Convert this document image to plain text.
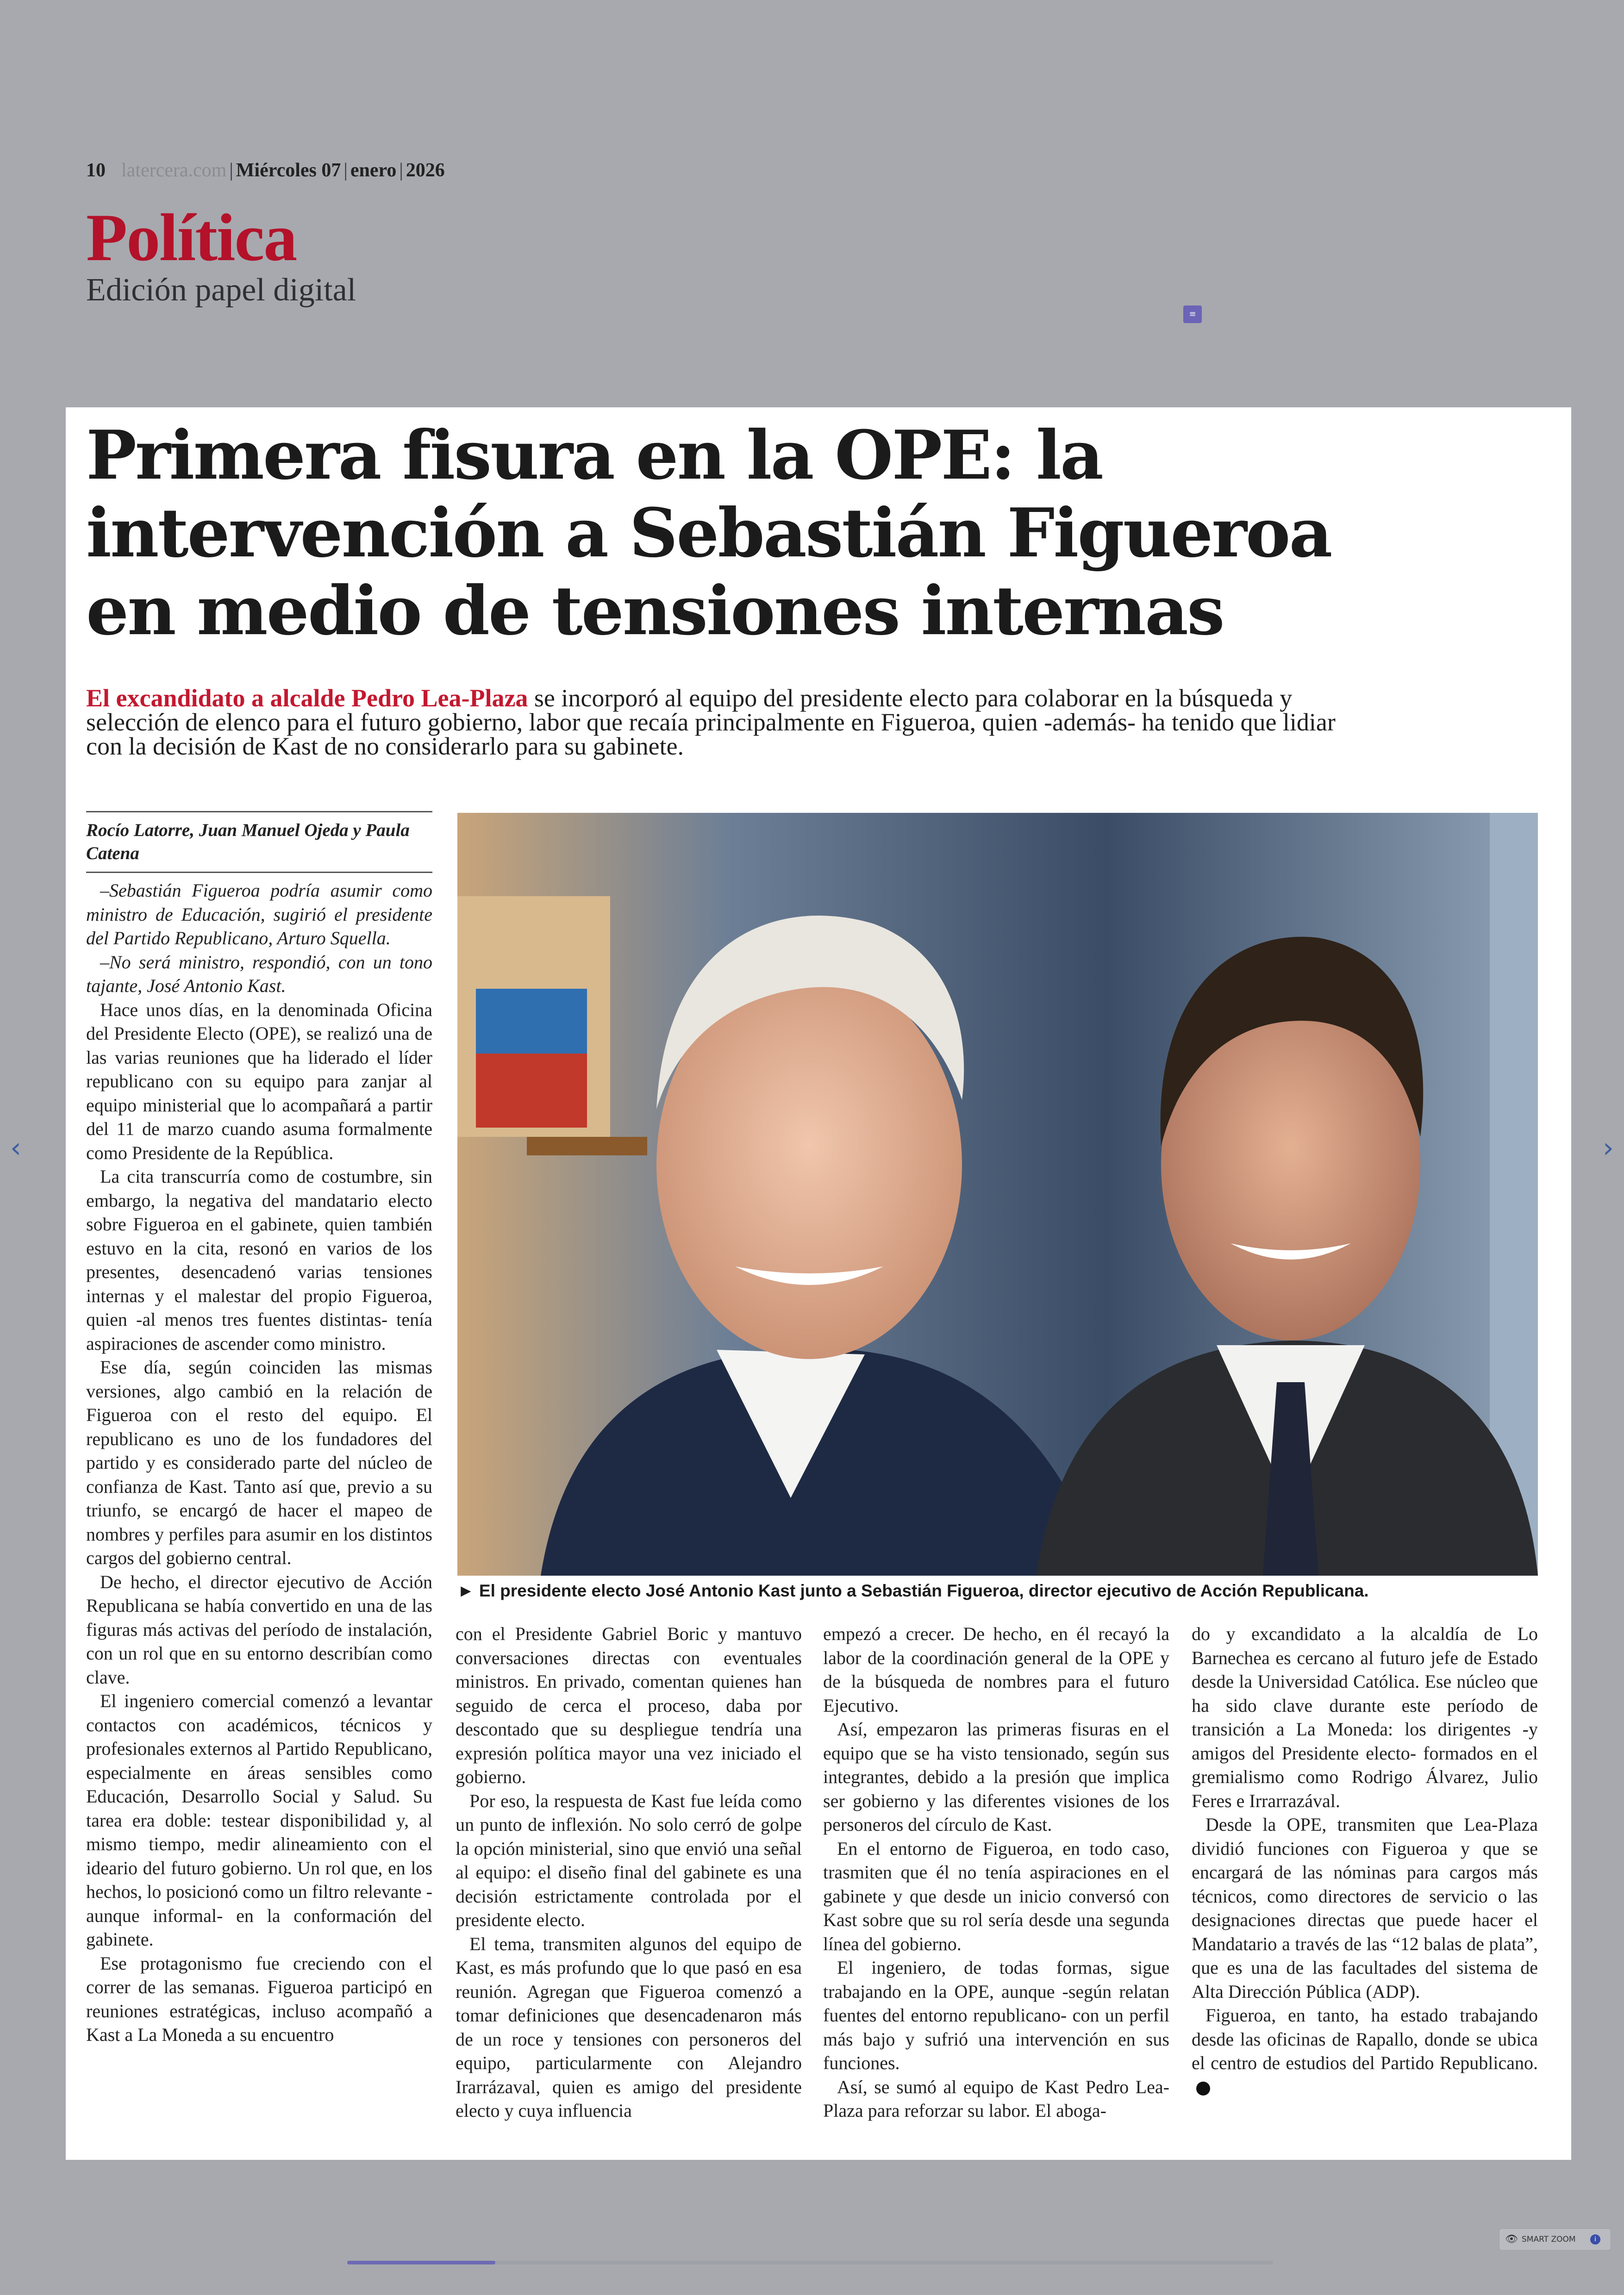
10 latercera.com | Miércoles 07 | enero | 2026
Política
Edición papel digital
≡
Primera fisura en la OPE: la intervención a Sebastián Figueroa en medio de tensiones internas

El excandidato a alcalde Pedro Lea-Plaza se incorporó al equipo del presidente electo para colaborar en la búsqueda y selección de elenco para el futuro gobierno, labor que recaía principalmente en Figueroa, quien -además- ha tenido que lidiar con la decisión de Kast de no considerarlo para su gabinete.

Rocío Latorre, Juan Manuel Ojeda y Paula Catena

–Sebastián Figueroa podría asumir como ministro de Educación, sugirió el presidente del Partido Republicano, Arturo Squella.

–No será ministro, respondió, con un tono tajante, José Antonio Kast.

Hace unos días, en la denominada Oficina del Presidente Electo (OPE), se realizó una de las varias reuniones que ha liderado el líder republicano con su equipo para zanjar al equipo ministerial que lo acompañará a partir del 11 de marzo cuando asuma formalmente como Presidente de la República.

La cita transcurría como de costumbre, sin embargo, la negativa del mandatario electo sobre Figueroa en el gabinete, quien también estuvo en la cita, resonó en varios de los presentes, desencadenó varias tensiones internas y el malestar del propio Figueroa, quien -al menos tres fuentes distintas- tenía aspiraciones de ascender como ministro.

Ese día, según coinciden las mismas versiones, algo cambió en la relación de Figueroa con el resto del equipo. El republicano es uno de los fundadores del partido y es considerado parte del núcleo de confianza de Kast. Tanto así que, previo a su triunfo, se encargó de hacer el mapeo de nombres y perfiles para asumir en los distintos cargos del gobierno central.

De hecho, el director ejecutivo de Acción Republicana se había convertido en una de las figuras más activas del período de instalación, con un rol que en su entorno describían como clave.

El ingeniero comercial comenzó a levantar contactos con académicos, técnicos y profesionales externos al Partido Republicano, especialmente en áreas sensibles como Educación, Desarrollo Social y Salud. Su tarea era doble: testear disponibilidad y, al mismo tiempo, medir alineamiento con el ideario del futuro gobierno. Un rol que, en los hechos, lo posicionó como un filtro relevante -aunque informal- en la conformación del gabinete.

Ese protagonismo fue creciendo con el correr de las semanas. Figueroa participó en reuniones estratégicas, incluso acompañó a Kast a La Moneda a su encuentro

► El presidente electo José Antonio Kast junto a Sebastián Figueroa, director ejecutivo de Acción Republicana.

con el Presidente Gabriel Boric y mantuvo conversaciones directas con eventuales ministros. En privado, comentan quienes han seguido de cerca el proceso, daba por descontado que su despliegue tendría una expresión política mayor una vez iniciado el gobierno.

Por eso, la respuesta de Kast fue leída como un punto de inflexión. No solo cerró de golpe la opción ministerial, sino que envió una señal al equipo: el diseño final del gabinete es una decisión estrictamente controlada por el presidente electo.

El tema, transmiten algunos del equipo de Kast, es más profundo que lo que pasó en esa reunión. Agregan que Figueroa comenzó a tomar definiciones que desencadenaron más de un roce y tensiones con personeros del equipo, particularmente con Alejandro Irarrázaval, quien es amigo del presidente electo y cuya influencia

empezó a crecer. De hecho, en él recayó la labor de la coordinación general de la OPE y de la búsqueda de nombres para el futuro Ejecutivo.

Así, empezaron las primeras fisuras en el equipo que se ha visto tensionado, según sus integrantes, debido a la presión que implica ser gobierno y las diferentes visiones de los personeros del círculo de Kast.

En el entorno de Figueroa, en todo caso, trasmiten que él no tenía aspiraciones en el gabinete y que desde un inicio conversó con Kast sobre que su rol sería desde una segunda línea del gobierno.

El ingeniero, de todas formas, sigue trabajando en la OPE, aunque -según relatan fuentes del entorno republicano- con un perfil más bajo y sufrió una intervención en sus funciones.

Así, se sumó al equipo de Kast Pedro Lea-Plaza para reforzar su labor. El aboga-

do y excandidato a la alcaldía de Lo Barnechea es cercano al futuro jefe de Estado desde la Universidad Católica. Ese núcleo que ha sido clave durante este período de transición a La Moneda: los dirigentes -y amigos del Presidente electo- formados en el gremialismo como Rodrigo Álvarez, Julio Feres e Irrarrazával.

Desde la OPE, transmiten que Lea-Plaza dividió funciones con Figueroa y que se encargará de las nóminas para cargos más técnicos, como directores de servicio o las designaciones directas que puede hacer el Mandatario a través de las “12 balas de plata”, que es una de las facultades del sistema de Alta Dirección Pública (ADP).

Figueroa, en tanto, ha estado trabajando desde las oficinas de Rapallo, donde se ubica el centro de estudios del Partido Republicano.

‹	›
👁 SMART ZOOM	i
